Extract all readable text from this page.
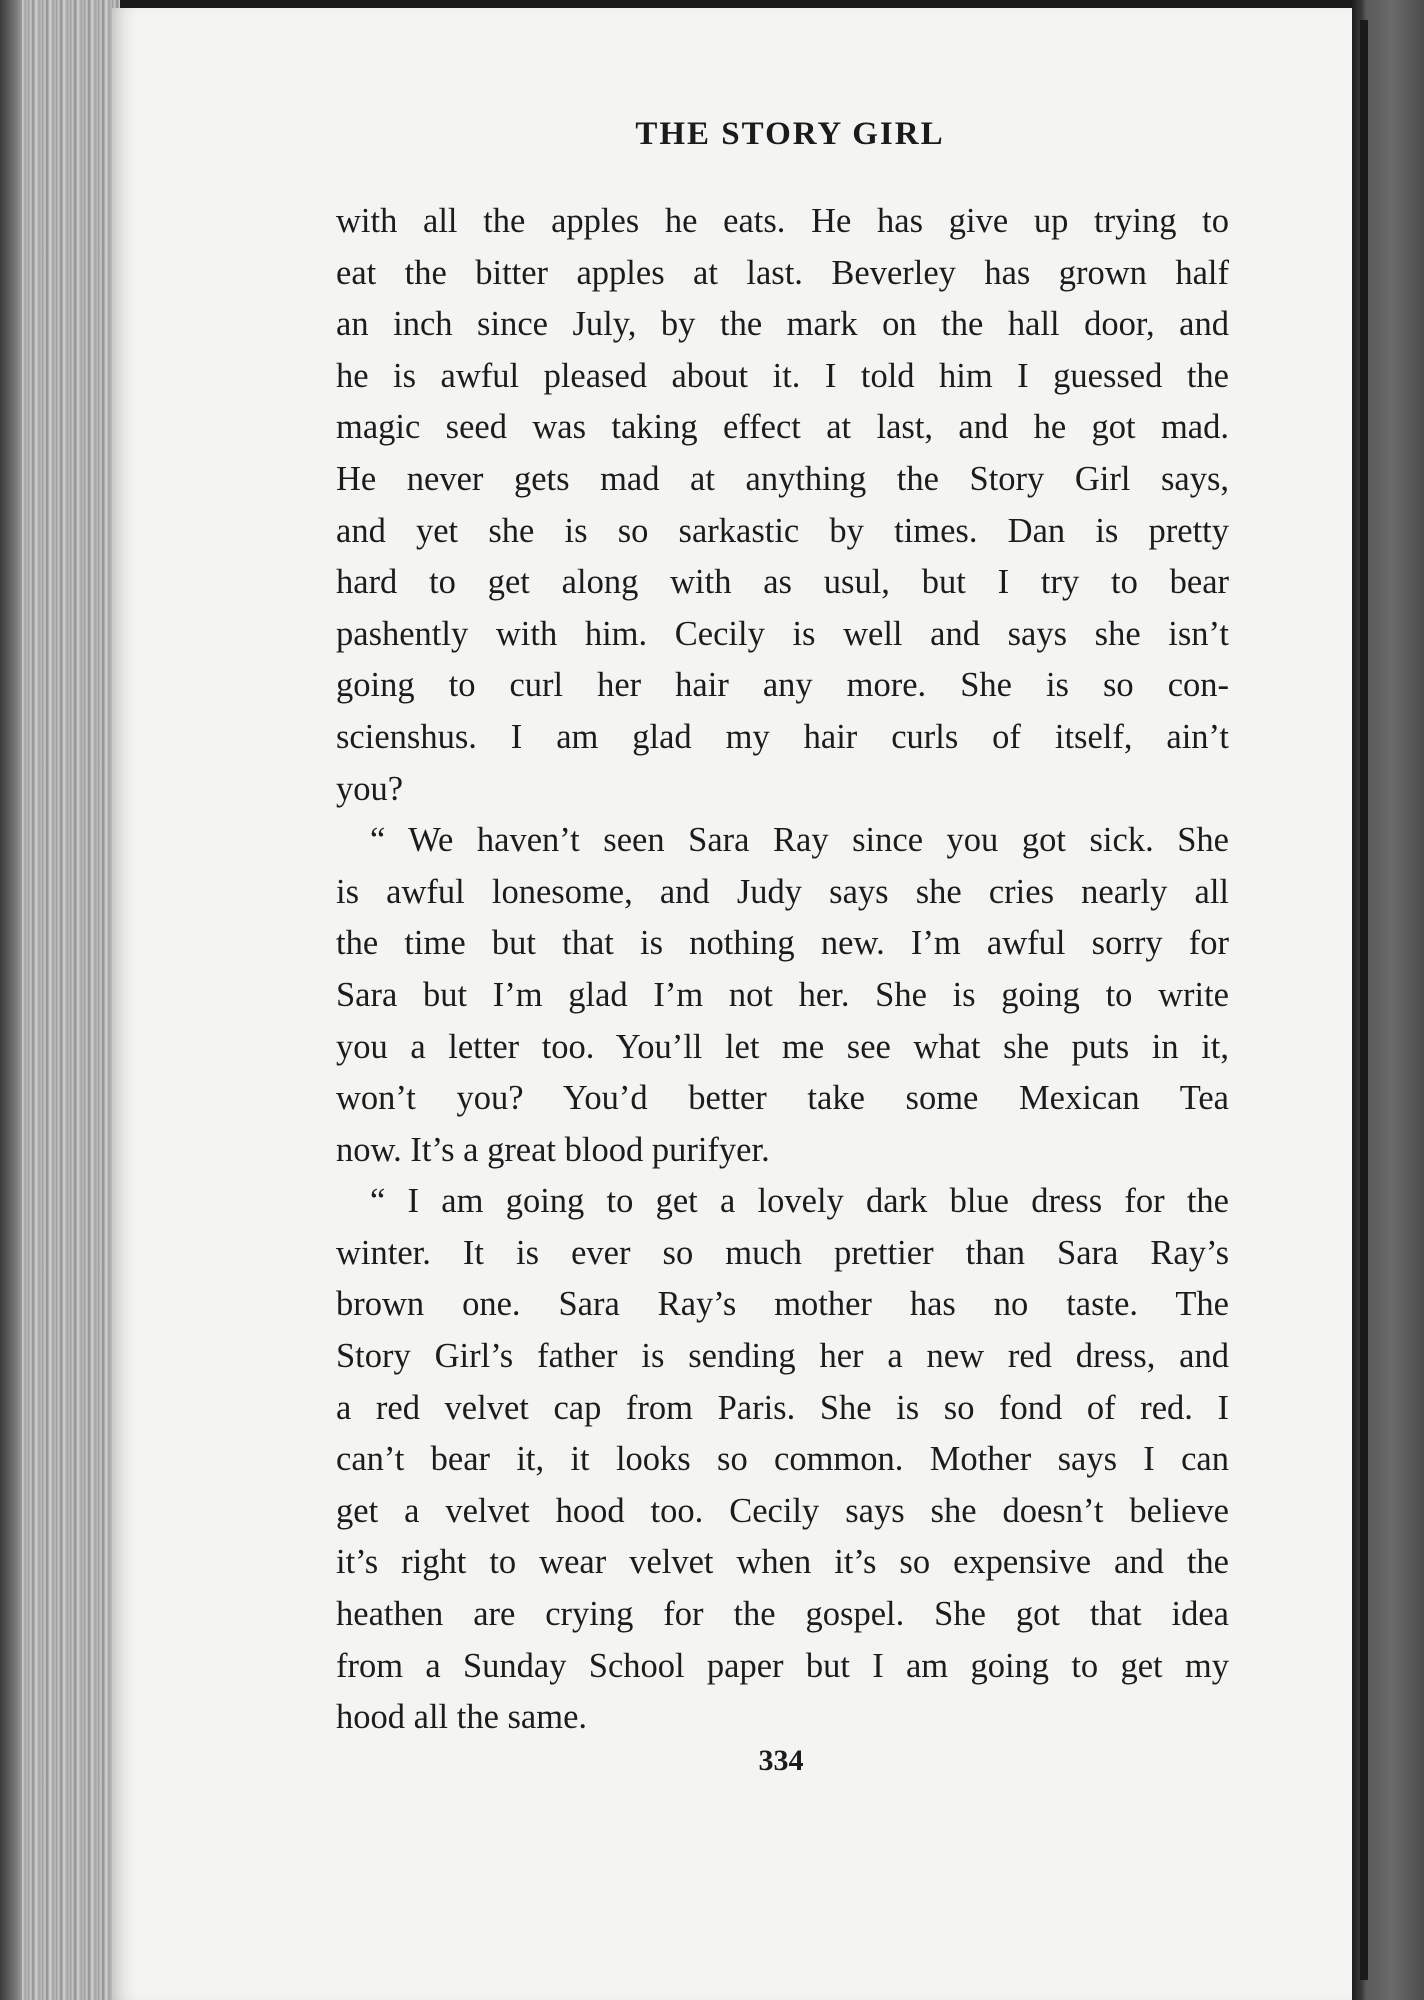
THE STORY GIRL
with all the apples he eats. He has give up trying to
eat the bitter apples at last. Beverley has grown half
an inch since July, by the mark on the hall door, and
he is awful pleased about it. I told him I guessed the
magic seed was taking effect at last, and he got mad.
He never gets mad at anything the Story Girl says,
and yet she is so sarkastic by times. Dan is pretty
hard to get along with as usul, but I try to bear
pashently with him. Cecily is well and says she isn’t
going to curl her hair any more. She is so con-
scienshus. I am glad my hair curls of itself, ain’t
you?
“ We haven’t seen Sara Ray since you got sick. She
is awful lonesome, and Judy says she cries nearly all
the time but that is nothing new. I’m awful sorry for
Sara but I’m glad I’m not her. She is going to write
you a letter too. You’ll let me see what she puts in it,
won’t you? You’d better take some Mexican Tea
now. It’s a great blood purifyer.
“ I am going to get a lovely dark blue dress for the
winter. It is ever so much prettier than Sara Ray’s
brown one. Sara Ray’s mother has no taste. The
Story Girl’s father is sending her a new red dress, and
a red velvet cap from Paris. She is so fond of red. I
can’t bear it, it looks so common. Mother says I can
get a velvet hood too. Cecily says she doesn’t believe
it’s right to wear velvet when it’s so expensive and the
heathen are crying for the gospel. She got that idea
from a Sunday School paper but I am going to get my
hood all the same.
334
